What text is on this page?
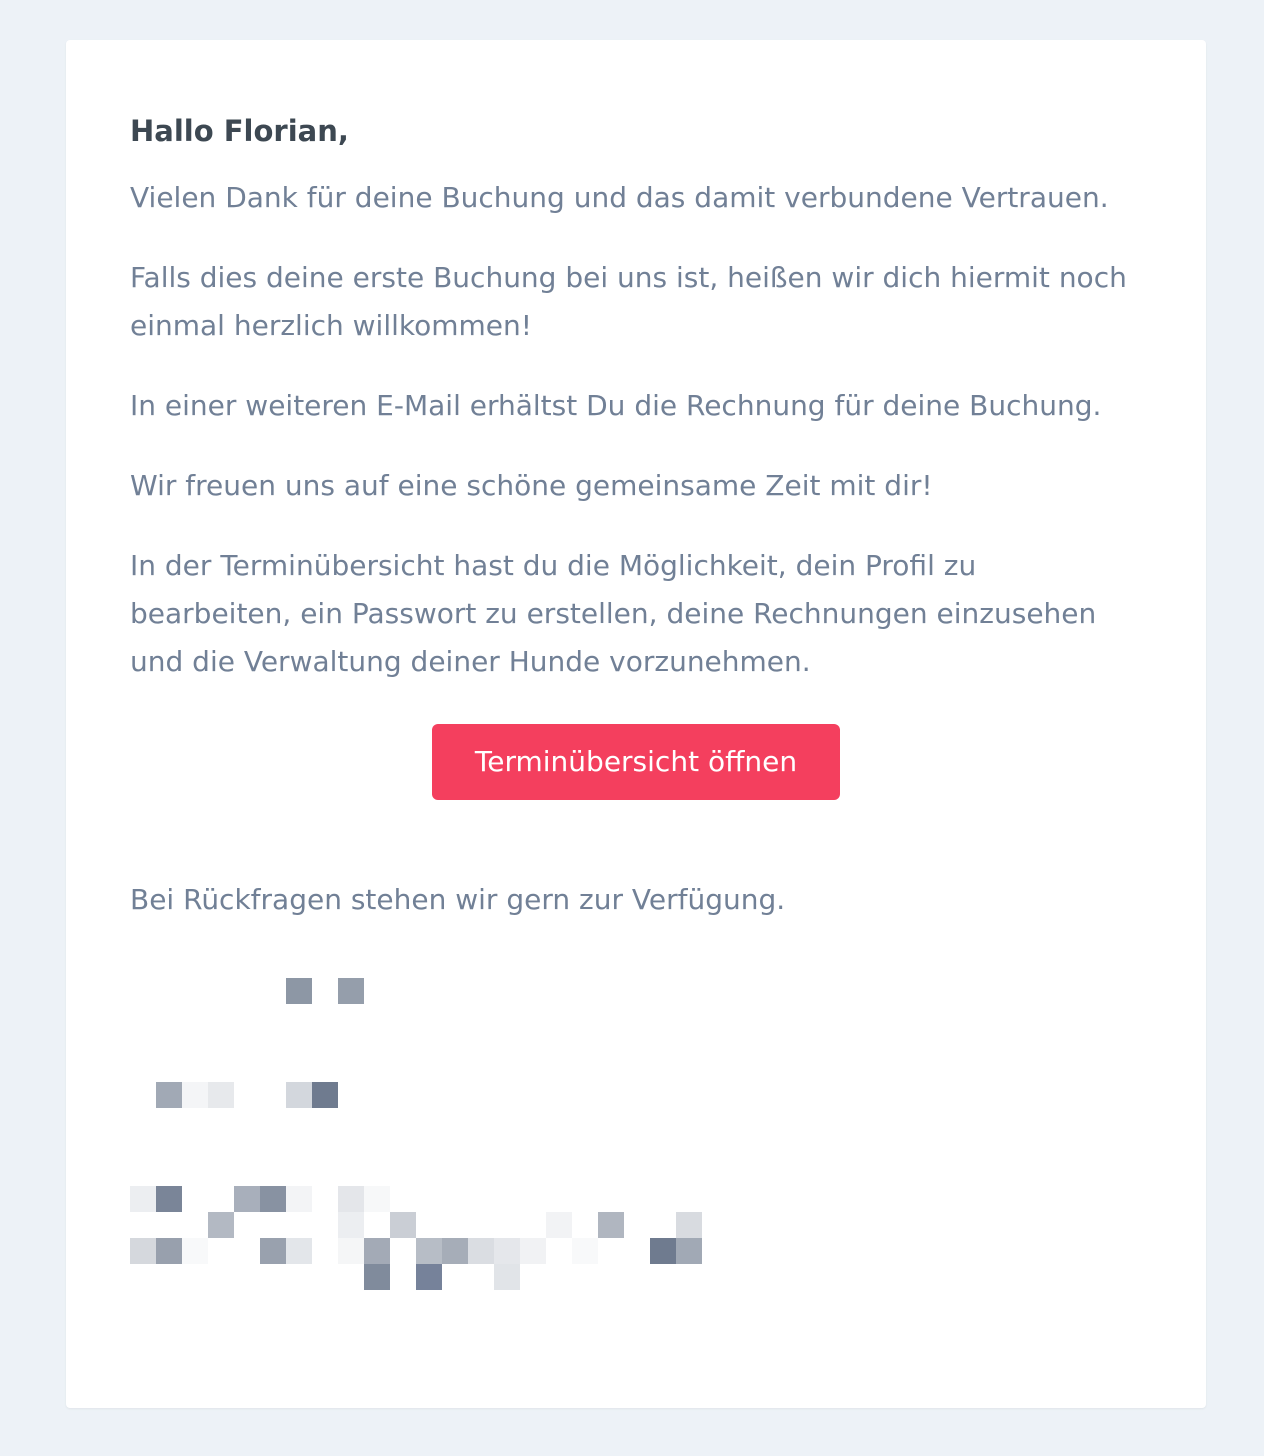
Hallo Florian,

Vielen Dank für deine Buchung und das damit verbundene Vertrauen.

Falls dies deine erste Buchung bei uns ist, heißen wir dich hiermit noch einmal herzlich willkommen!

In einer weiteren E-Mail erhältst Du die Rechnung für deine Buchung.

Wir freuen uns auf eine schöne gemeinsame Zeit mit dir!

In der Terminübersicht hast du die Möglichkeit, dein Profil zu bearbeiten, ein Passwort zu erstellen, deine Rechnungen einzusehen und die Verwaltung deiner Hunde vorzunehmen.

Terminübersicht öffnen

Bei Rückfragen stehen wir gern zur Verfügung.
